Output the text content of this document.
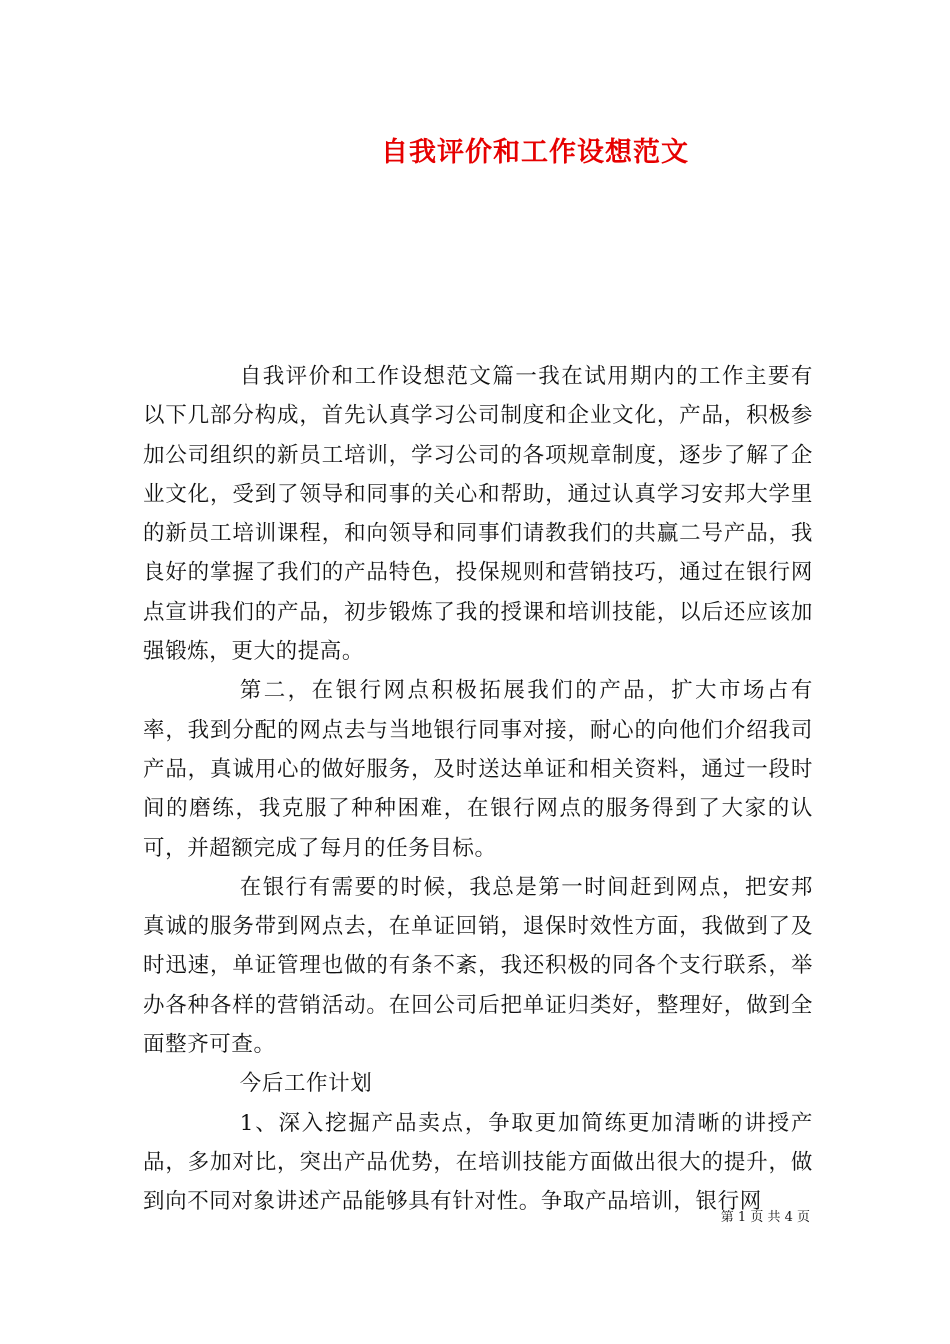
自我评价和工作设想范文

自我评价和工作设想范文篇一我在试用期内的工作主要有以下几部分构成，首先认真学习公司制度和企业文化，产品，积极参加公司组织的新员工培训，学习公司的各项规章制度，逐步了解了企业文化，受到了领导和同事的关心和帮助，通过认真学习安邦大学里的新员工培训课程，和向领导和同事们请教我们的共赢二号产品，我良好的掌握了我们的产品特色，投保规则和营销技巧，通过在银行网点宣讲我们的产品，初步锻炼了我的授课和培训技能，以后还应该加强锻炼，更大的提高。

第二，在银行网点积极拓展我们的产品，扩大市场占有率，我到分配的网点去与当地银行同事对接，耐心的向他们介绍我司产品，真诚用心的做好服务，及时送达单证和相关资料，通过一段时间的磨练，我克服了种种困难，在银行网点的服务得到了大家的认可，并超额完成了每月的任务目标。

在银行有需要的时候，我总是第一时间赶到网点，把安邦真诚的服务带到网点去，在单证回销，退保时效性方面，我做到了及时迅速，单证管理也做的有条不紊，我还积极的同各个支行联系，举办各种各样的营销活动。在回公司后把单证归类好，整理好，做到全面整齐可查。

今后工作计划

1、深入挖掘产品卖点，争取更加简练更加清晰的讲授产品，多加对比，突出产品优势，在培训技能方面做出很大的提升，做到向不同对象讲述产品能够具有针对性。争取产品培训，银行网

第 1 页 共 4 页
